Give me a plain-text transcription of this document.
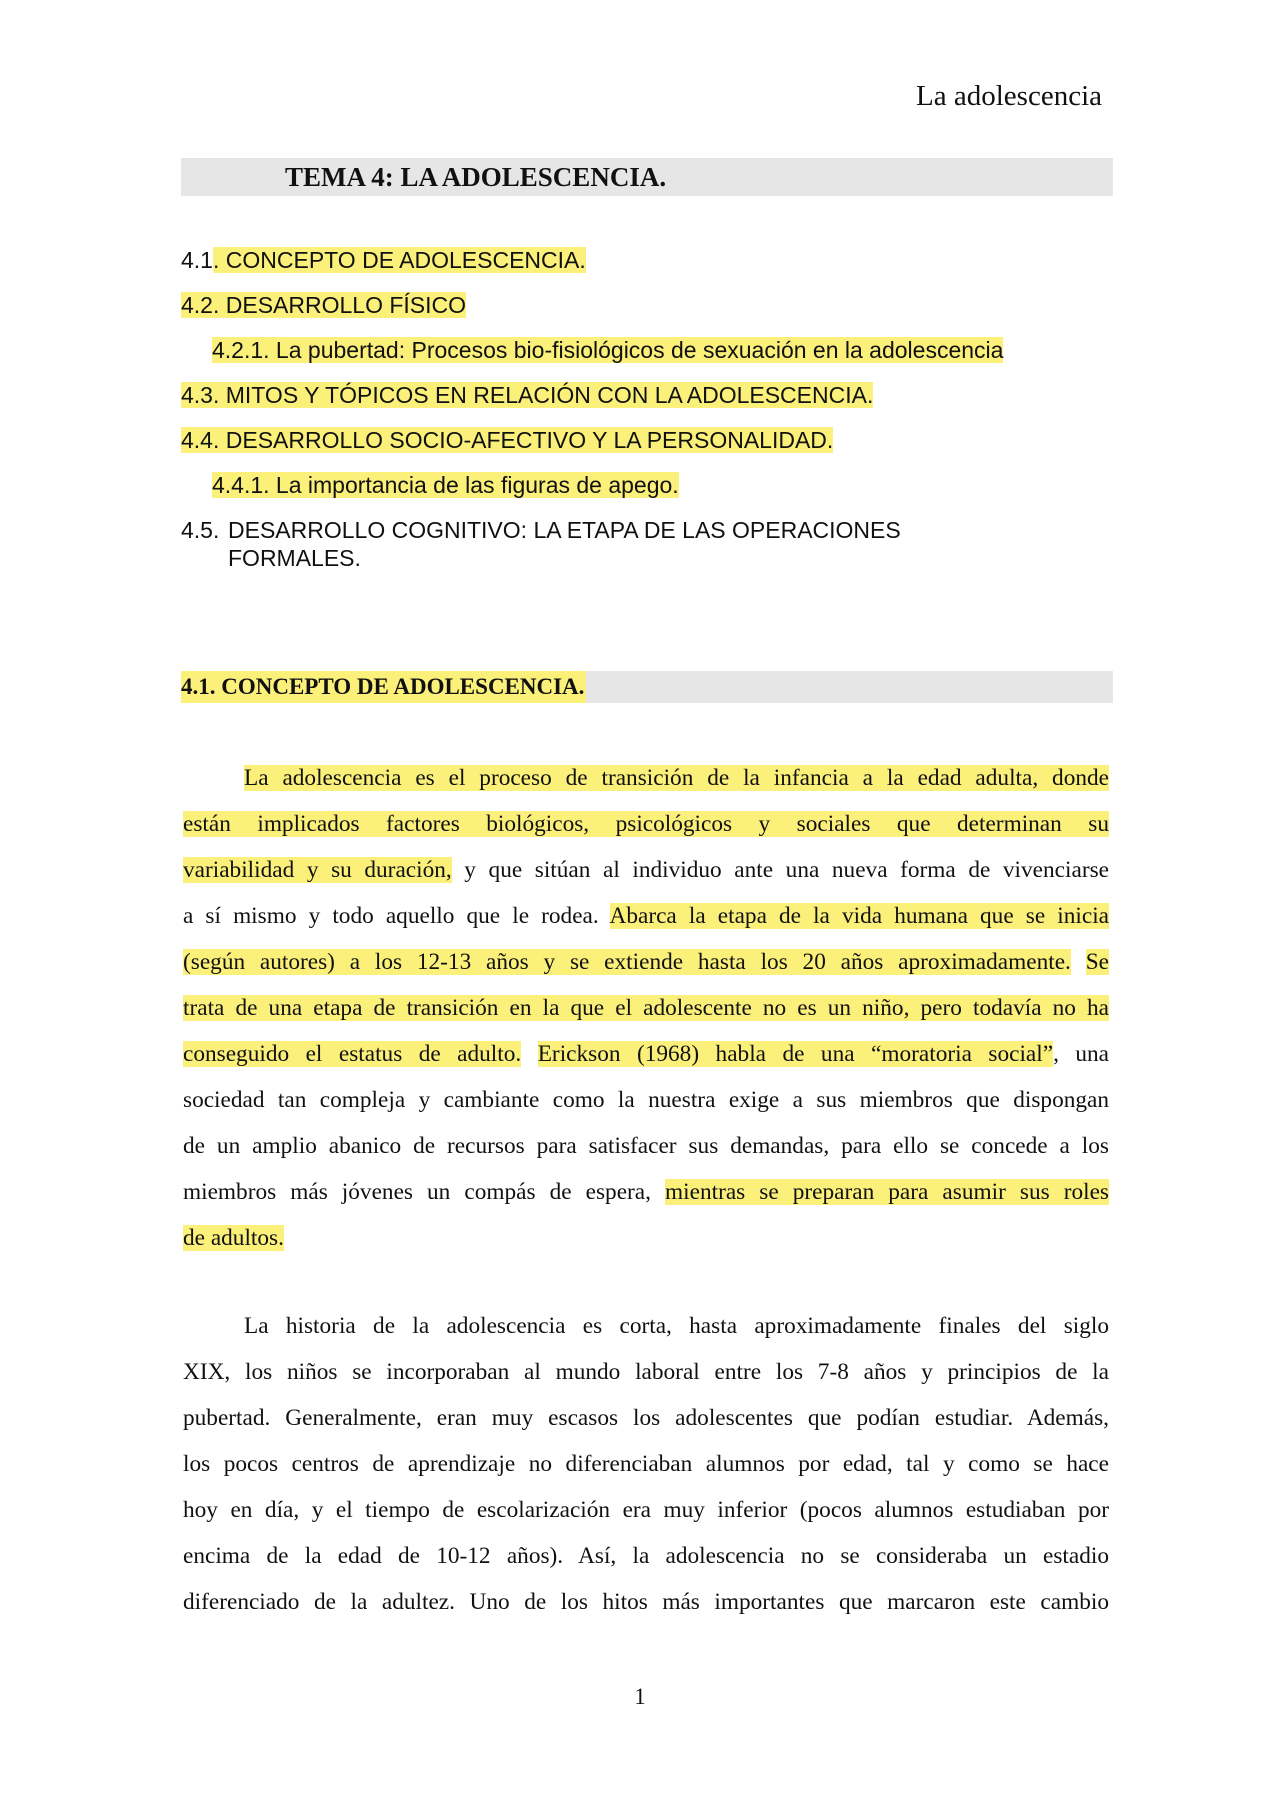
La adolescencia
TEMA 4: LA ADOLESCENCIA.
4.1. CONCEPTO DE ADOLESCENCIA.
4.2. DESARROLLO FÍSICO
4.2.1. La pubertad: Procesos bio-fisiológicos de sexuación en la adolescencia
4.3. MITOS Y TÓPICOS EN RELACIÓN CON LA ADOLESCENCIA.
4.4. DESARROLLO SOCIO-AFECTIVO Y LA PERSONALIDAD.
4.4.1. La importancia de las figuras de apego.
4.5. DESARROLLO COGNITIVO: LA ETAPA DE LAS OPERACIONES FORMALES.
4.1. CONCEPTO DE ADOLESCENCIA.
La adolescencia es el proceso de transición de la infancia a la edad adulta, donde
están implicados factores biológicos, psicológicos y sociales que determinan su
variabilidad y su duración, y que sitúan al individuo ante una nueva forma de vivenciarse
a sí mismo y todo aquello que le rodea. Abarca la etapa de la vida humana que se inicia
(según autores) a los 12-13 años y se extiende hasta los 20 años aproximadamente. Se
trata de una etapa de transición en la que el adolescente no es un niño, pero todavía no ha
conseguido el estatus de adulto. Erickson (1968) habla de una “moratoria social”, una
sociedad tan compleja y cambiante como la nuestra exige a sus miembros que dispongan
de un amplio abanico de recursos para satisfacer sus demandas, para ello se concede a los
miembros más jóvenes un compás de espera, mientras se preparan para asumir sus roles
de adultos.
La historia de la adolescencia es corta, hasta aproximadamente finales del siglo
XIX, los niños se incorporaban al mundo laboral entre los 7-8 años y principios de la
pubertad. Generalmente, eran muy escasos los adolescentes que podían estudiar. Además,
los pocos centros de aprendizaje no diferenciaban alumnos por edad, tal y como se hace
hoy en día, y el tiempo de escolarización era muy inferior (pocos alumnos estudiaban por
encima de la edad de 10-12 años). Así, la adolescencia no se consideraba un estadio
diferenciado de la adultez. Uno de los hitos más importantes que marcaron este cambio
1
